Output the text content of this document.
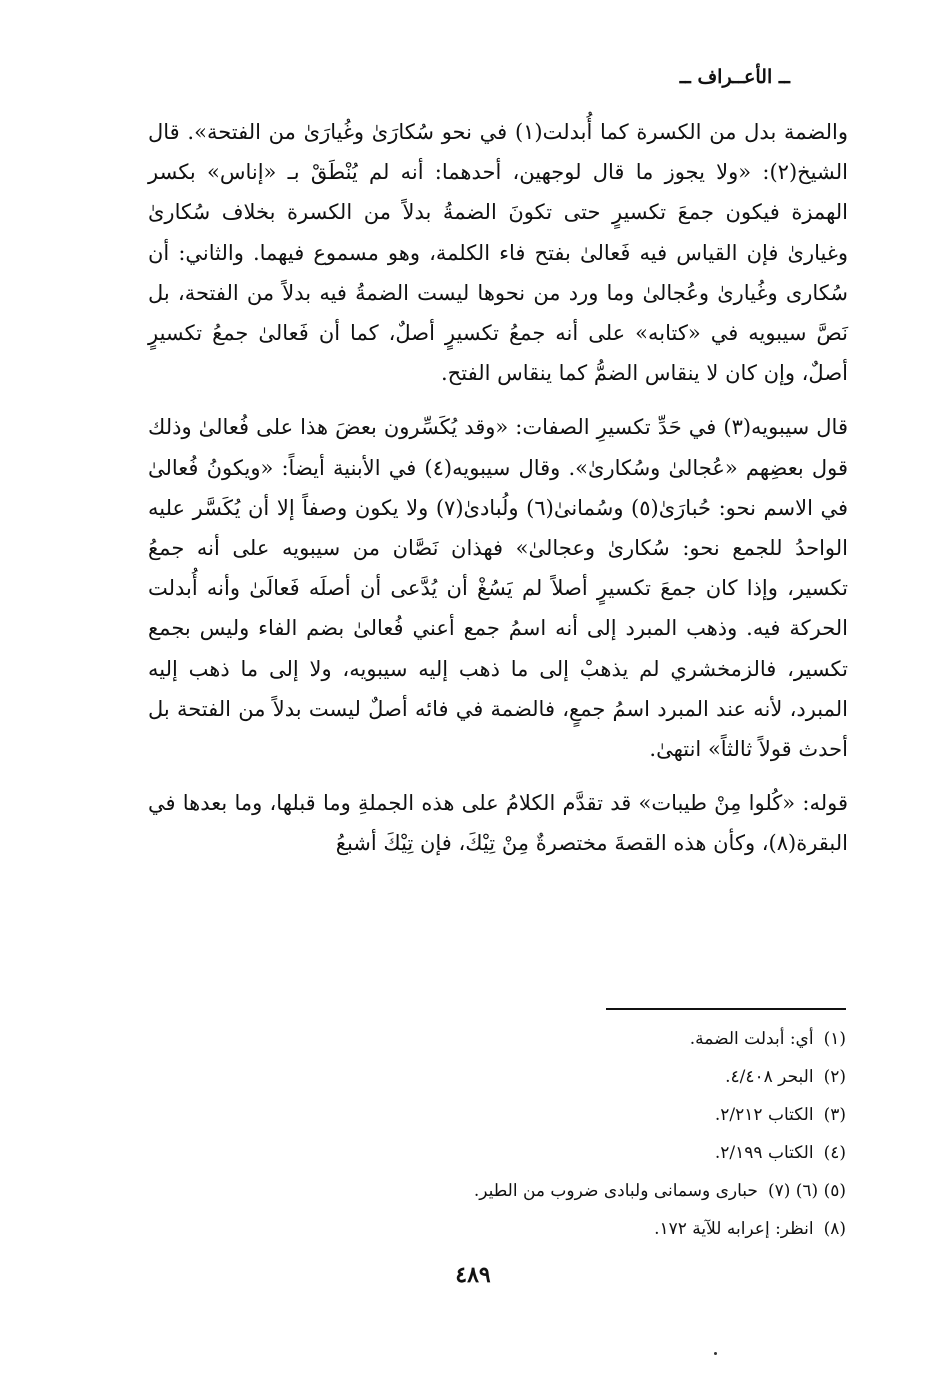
ــ الأعــراف ــ

والضمة بدل من الكسرة كما أُبدلت(١) في نحو سُكارَىٰ وغُيارَىٰ من الفتحة». قال الشيخ(٢): «ولا يجوز ما قال لوجهين، أحدهما: أنه لم يُنْطَقْ بـ «إناس» بكسر الهمزة فيكون جمعَ تكسيرٍ حتى تكونَ الضمةُ بدلاً من الكسرة بخلاف سُكارىٰ وغيارىٰ فإن القياس فيه فَعالىٰ بفتح فاء الكلمة، وهو مسموع فيهما. والثاني: أن سُكارى وغُيارىٰ وعُجالىٰ وما ورد من نحوها ليست الضمةُ فيه بدلاً من الفتحة، بل نَصَّ سيبويه في «كتابه» على أنه جمعُ تكسيرٍ أصلٌ، كما أن فَعالىٰ جمعُ تكسيرٍ أصلٌ، وإن كان لا ينقاس الضمُّ كما ينقاس الفتح.

قال سيبويه(٣) في حَدِّ تكسيرِ الصفات: «وقد يُكَسِّرون بعضَ هذا على فُعالىٰ وذلك قول بعضِهم «عُجالىٰ وسُكارىٰ». وقال سيبويه(٤) في الأبنية أيضاً: «ويكونُ فُعالىٰ في الاسم نحو: حُبارَىٰ(٥) وسُمانىٰ(٦) ولُبادىٰ(٧) ولا يكون وصفاً إلا أن يُكَسَّر عليه الواحدُ للجمع نحو: سُكارىٰ وعجالىٰ» فهذان نَصَّان من سيبويه على أنه جمعُ تكسير، وإذا كان جمعَ تكسيرٍ أصلاً لم يَسُغْ أن يُدَّعى أن أصلَه فَعالَىٰ وأنه أُبدلت الحركة فيه. وذهب المبرد إلى أنه اسمُ جمع أعني فُعالىٰ بضم الفاء وليس بجمع تكسير، فالزمخشري لم يذهبْ إلى ما ذهب إليه سيبويه، ولا إلى ما ذهب إليه المبرد، لأنه عند المبرد اسمُ جمعٍ، فالضمة في فائه أصلٌ ليست بدلاً من الفتحة بل أحدث قولاً ثالثاً» انتهىٰ.

قوله: «كُلوا مِنْ طيبات» قد تقدَّم الكلامُ على هذه الجملةِ وما قبلها، وما بعدها في البقرة(٨)، وكأن هذه القصةَ مختصرةٌ مِنْ تِيْكَ، فإن تِيْكَ أشبعُ

(١)أي: أبدلت الضمة.
(٢)البحر ٤/٤٠٨.
(٣)الكتاب ٢/٢١٢.
(٤)الكتاب ٢/١٩٩.
(٥) (٦) (٧)حبارى وسمانى ولبادى ضروب من الطير.
(٨)انظر: إعرابه للآية ١٧٢.
٤٨٩
